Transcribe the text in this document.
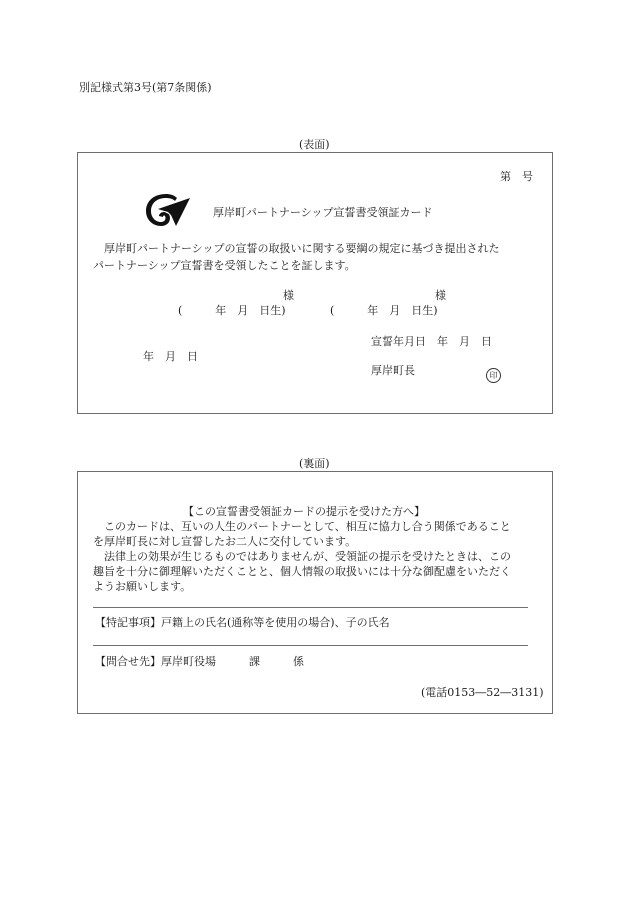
別記様式第3号(第7条関係)
(表面)
第　号
厚岸町パートナーシップ宣誓書受領証カード
　厚岸町パートナーシップの宣誓の取扱いに関する要綱の規定に基づき提出された
パートナーシップ宣誓書を受領したことを証します。
様
(　　　年　月　日生)
様
(　　　年　月　日生)
宣誓年月日　年　月　日
年　月　日
厚岸町長	印
(裏面)
【この宣誓書受領証カードの提示を受けた方へ】
　このカードは、互いの人生のパートナーとして、相互に協力し合う関係であること
を厚岸町長に対し宣誓したお二人に交付しています。
　法律上の効果が生じるものではありませんが、受領証の提示を受けたときは、この
趣旨を十分に御理解いただくことと、個人情報の取扱いには十分な御配慮をいただく
ようお願いします。
【特記事項】戸籍上の氏名(通称等を使用の場合)、子の氏名
【問合せ先】厚岸町役場　　　課　　　係
(電話0153―52―3131)
